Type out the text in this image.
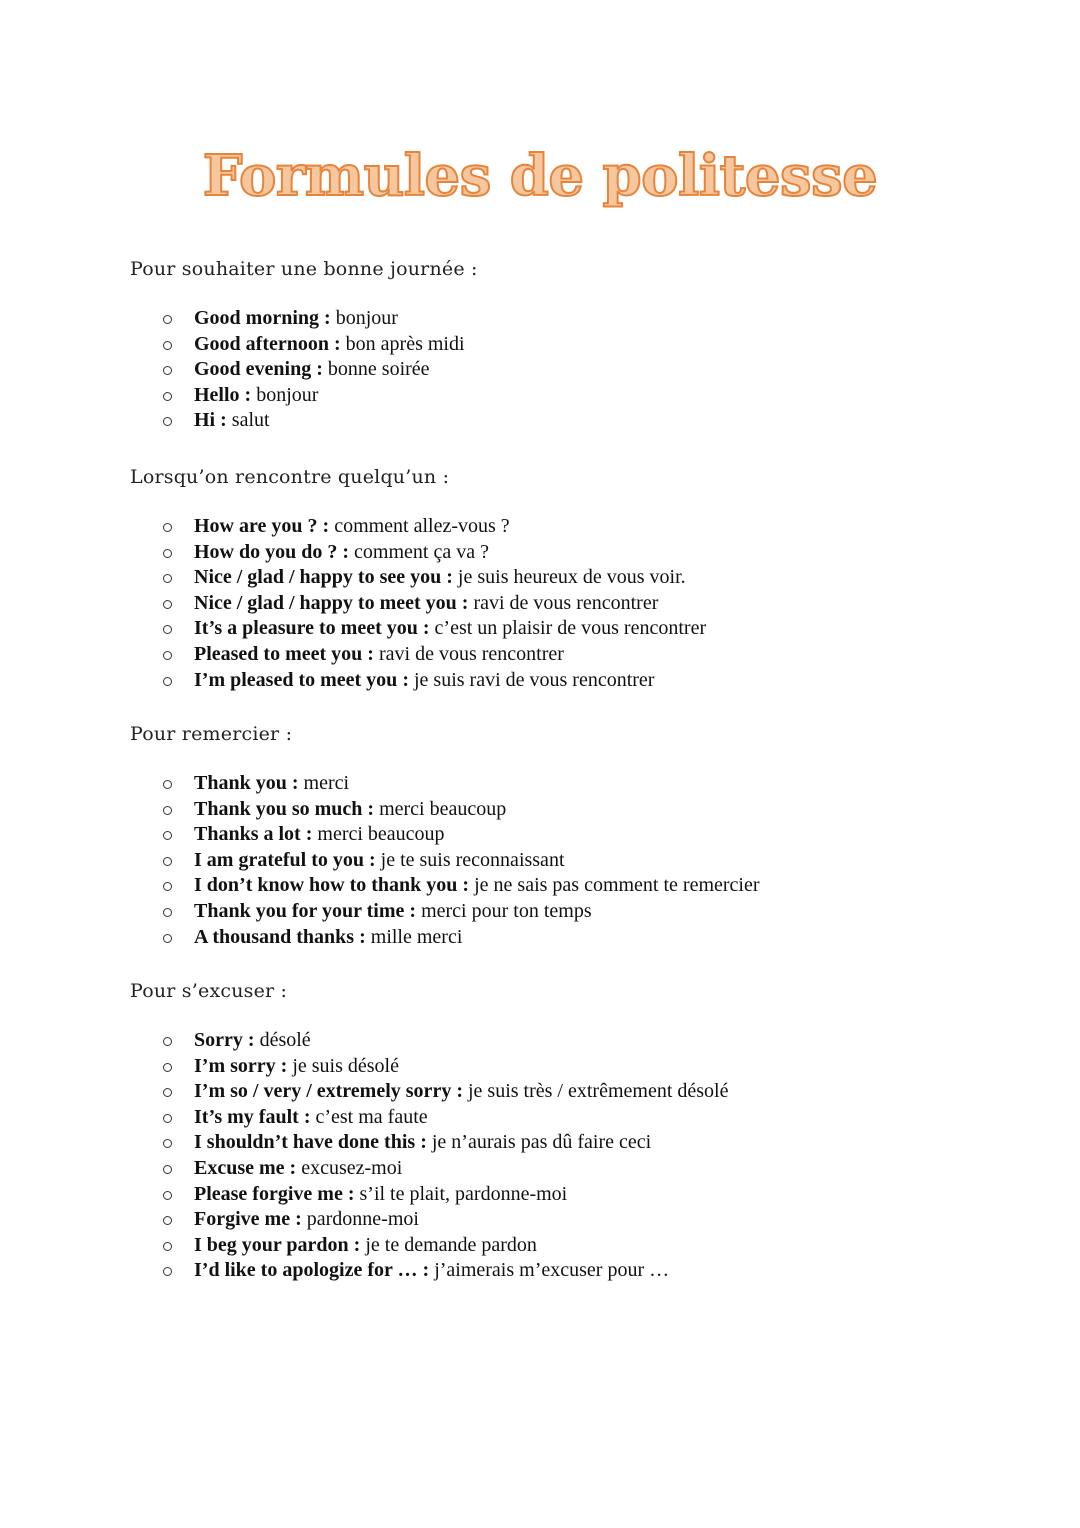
Formules de politesse
Pour souhaiter une bonne journée :
Good morning : bonjour
Good afternoon : bon après midi
Good evening : bonne soirée
Hello : bonjour
Hi : salut
Lorsqu’on rencontre quelqu’un :
How are you ? : comment allez-vous ?
How do you do ? : comment ça va ?
Nice / glad / happy to see you : je suis heureux de vous voir.
Nice / glad / happy to meet you : ravi de vous rencontrer
It’s a pleasure to meet you : c’est un plaisir de vous rencontrer
Pleased to meet you : ravi de vous rencontrer
I’m pleased to meet you : je suis ravi de vous rencontrer
Pour remercier :
Thank you : merci
Thank you so much : merci beaucoup
Thanks a lot : merci beaucoup
I am grateful to you : je te suis reconnaissant
I don’t know how to thank you : je ne sais pas comment te remercier
Thank you for your time : merci pour ton temps
A thousand thanks : mille merci
Pour s’excuser :
Sorry : désolé
I’m sorry : je suis désolé
I’m so / very / extremely sorry : je suis très / extrêmement désolé
It’s my fault : c’est ma faute
I shouldn’t have done this : je n’aurais pas dû faire ceci
Excuse me : excusez-moi
Please forgive me : s’il te plait, pardonne-moi
Forgive me : pardonne-moi
I beg your pardon : je te demande pardon
I’d like to apologize for … : j’aimerais m’excuser pour …
